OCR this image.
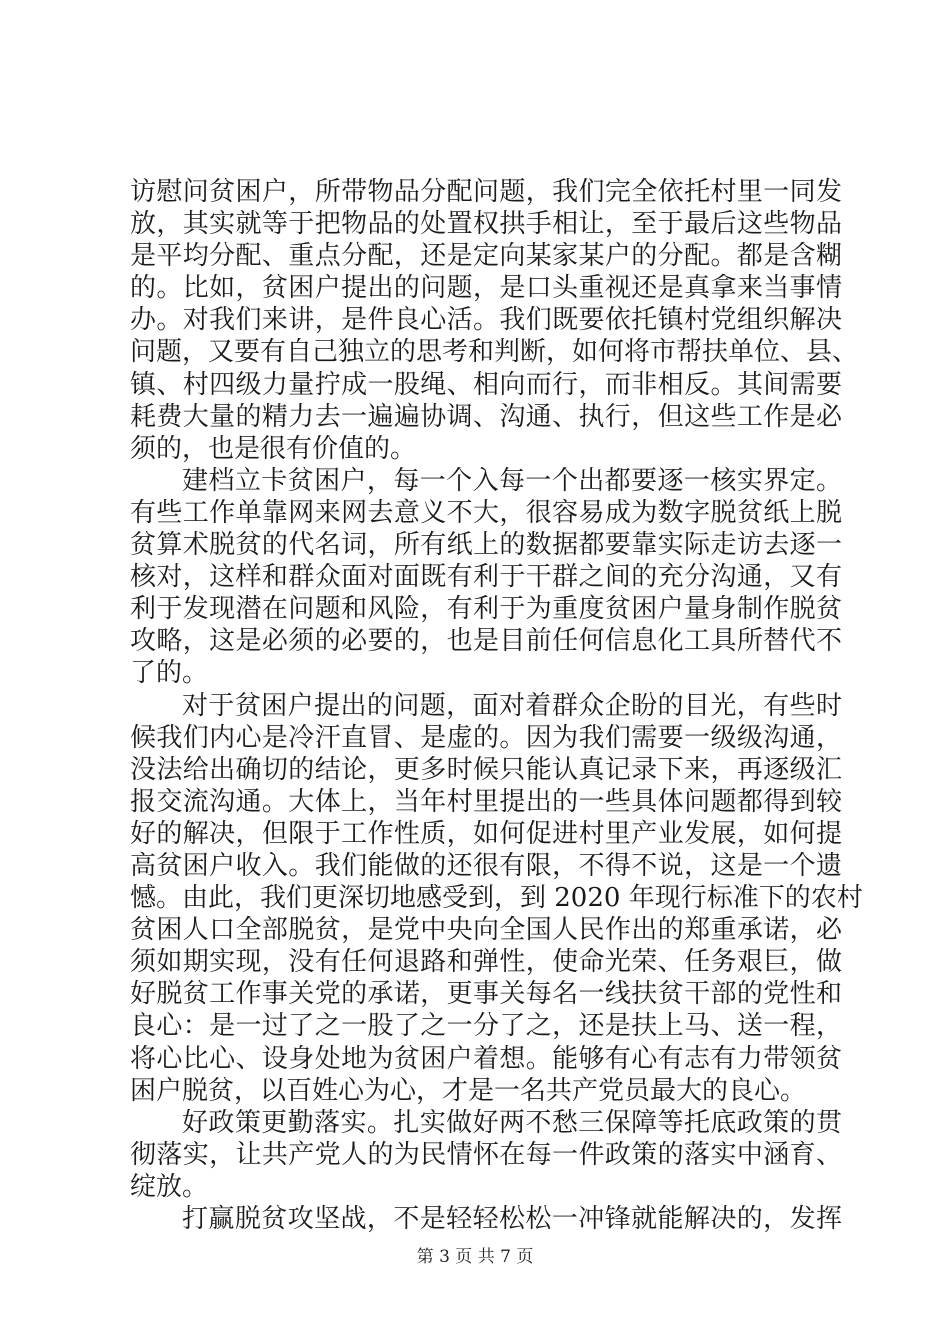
访慰问贫困户，所带物品分配问题，我们完全依托村里一同发
放，其实就等于把物品的处置权拱手相让，至于最后这些物品
是平均分配、重点分配，还是定向某家某户的分配。都是含糊
的。比如，贫困户提出的问题，是口头重视还是真拿来当事情
办。对我们来讲，是件良心活。我们既要依托镇村党组织解决
问题，又要有自己独立的思考和判断，如何将市帮扶单位、县、
镇、村四级力量拧成一股绳、相向而行，而非相反。其间需要
耗费大量的精力去一遍遍协调、沟通、执行，但这些工作是必
须的，也是很有价值的。
建档立卡贫困户，每一个入每一个出都要逐一核实界定。
有些工作单靠网来网去意义不大，很容易成为数字脱贫纸上脱
贫算术脱贫的代名词，所有纸上的数据都要靠实际走访去逐一
核对，这样和群众面对面既有利于干群之间的充分沟通，又有
利于发现潜在问题和风险，有利于为重度贫困户量身制作脱贫
攻略，这是必须的必要的，也是目前任何信息化工具所替代不
了的。
对于贫困户提出的问题，面对着群众企盼的目光，有些时
候我们内心是冷汗直冒、是虚的。因为我们需要一级级沟通，
没法给出确切的结论，更多时候只能认真记录下来，再逐级汇
报交流沟通。大体上，当年村里提出的一些具体问题都得到较
好的解决，但限于工作性质，如何促进村里产业发展，如何提
高贫困户收入。我们能做的还很有限，不得不说，这是一个遗
憾。由此，我们更深切地感受到，到 2020 年现行标准下的农村
贫困人口全部脱贫，是党中央向全国人民作出的郑重承诺，必
须如期实现，没有任何退路和弹性，使命光荣、任务艰巨，做
好脱贫工作事关党的承诺，更事关每名一线扶贫干部的党性和
良心：是一过了之一股了之一分了之，还是扶上马、送一程，
将心比心、设身处地为贫困户着想。能够有心有志有力带领贫
困户脱贫，以百姓心为心，才是一名共产党员最大的良心。
好政策更勤落实。扎实做好两不愁三保障等托底政策的贯
彻落实，让共产党人的为民情怀在每一件政策的落实中涵育、
绽放。
打赢脱贫攻坚战，不是轻轻松松一冲锋就能解决的，发挥
第 3 页 共 7 页
